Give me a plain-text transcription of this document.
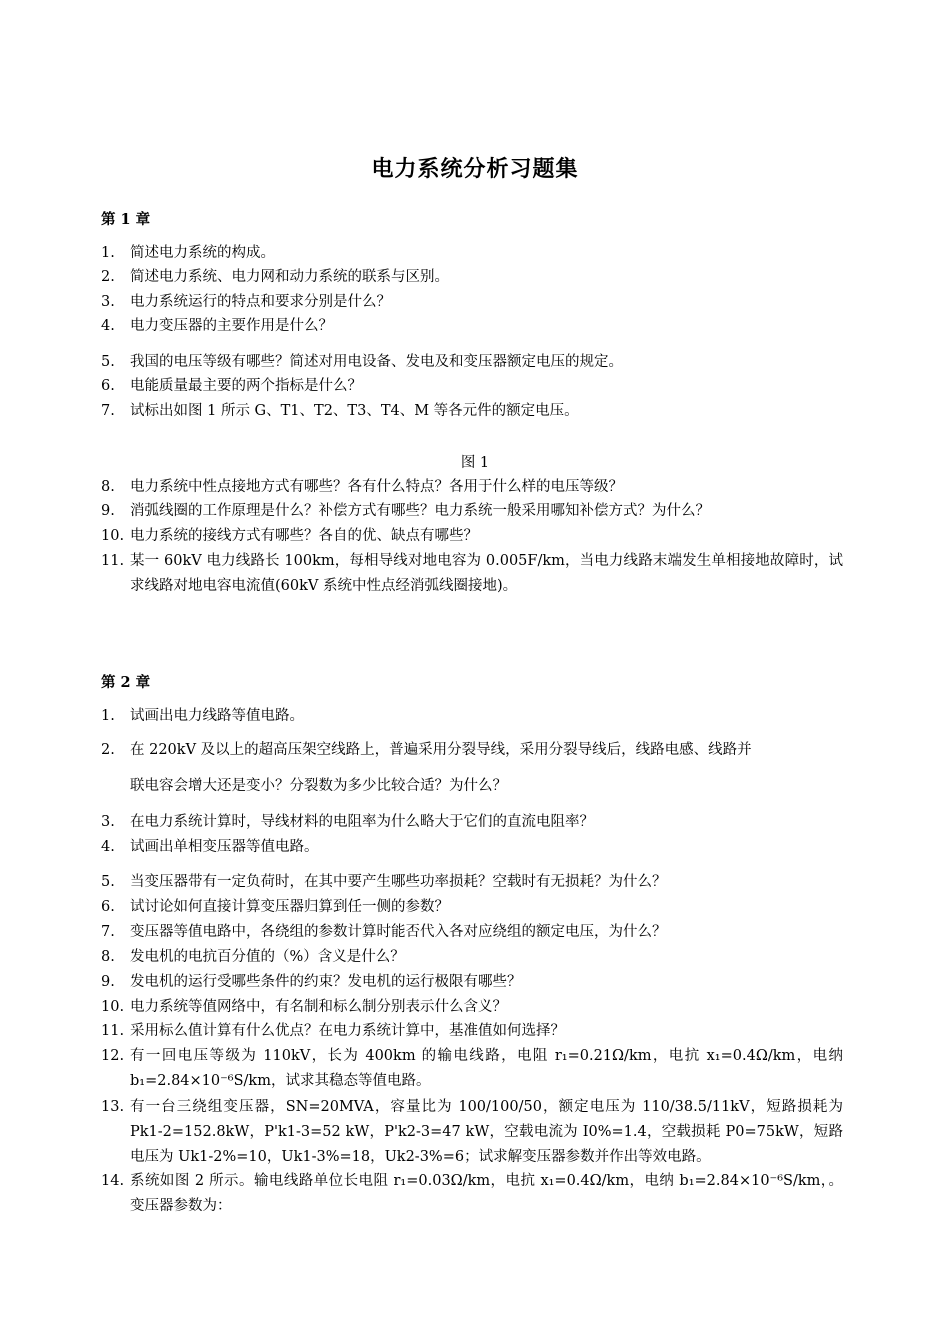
电力系统分析习题集
第 1 章
1.	简述电力系统的构成。
2.	简述电力系统、电力网和动力系统的联系与区别。
3.	电力系统运行的特点和要求分别是什么？
4.	电力变压器的主要作用是什么？
5.	我国的电压等级有哪些？简述对用电设备、发电及和变压器额定电压的规定。
6.	电能质量最主要的两个指标是什么？
7.	试标出如图 1 所示 G、T1、T2、T3、T4、M 等各元件的额定电压。
图 1
8.	电力系统中性点接地方式有哪些？各有什么特点？各用于什么样的电压等级？
9.	消弧线圈的工作原理是什么？补偿方式有哪些？电力系统一般采用哪知补偿方式？为什么？
10. 电力系统的接线方式有哪些？各自的优、缺点有哪些？
11. 某一 60kV 电力线路长 100km，每相导线对地电容为 0.005F/km，当电力线路末端发生单相接地故障时，试求线路对地电容电流值(60kV 系统中性点经消弧线圈接地)。
第 2 章
1.	试画出电力线路等值电路。
2.	在 220kV 及以上的超高压架空线路上，普遍采用分裂导线，采用分裂导线后，线路电感、线路并
联电容会增大还是变小？分裂数为多少比较合适？为什么？
3.	在电力系统计算时，导线材料的电阻率为什么略大于它们的直流电阻率？
4.	试画出单相变压器等值电路。
5.	当变压器带有一定负荷时，在其中要产生哪些功率损耗？空载时有无损耗？为什么？
6.	试讨论如何直接计算变压器归算到任一侧的参数？
7.	变压器等值电路中，各绕组的参数计算时能否代入各对应绕组的额定电压，为什么？
8.	发电机的电抗百分值的（%）含义是什么？
9.	发电机的运行受哪些条件的约束？发电机的运行极限有哪些？
10. 电力系统等值网络中，有名制和标么制分别表示什么含义？
11. 采用标么值计算有什么优点？在电力系统计算中，基准值如何选择？
12. 有一回电压等级为 110kV，长为 400km 的输电线路，电阻 r₁=0.21Ω/km，电抗 x₁=0.4Ω/km，电纳 b₁=2.84×10⁻⁶S/km，试求其稳态等值电路。
13. 有一台三绕组变压器，SN=20MVA，容量比为 100/100/50，额定电压为 110/38.5/11kV，短路损耗为 Pk1-2=152.8kW，P'k1-3=52 kW，P'k2-3=47 kW，空载电流为 I0%=1.4，空载损耗 P0=75kW，短路电压为 Uk1-2%=10，Uk1-3%=18，Uk2-3%=6；试求解变压器参数并作出等效电路。
14. 系统如图 2 所示。输电线路单位长电阻 r₁=0.03Ω/km，电抗 x₁=0.4Ω/km，电纳 b₁=2.84×10⁻⁶S/km，。变压器参数为：
